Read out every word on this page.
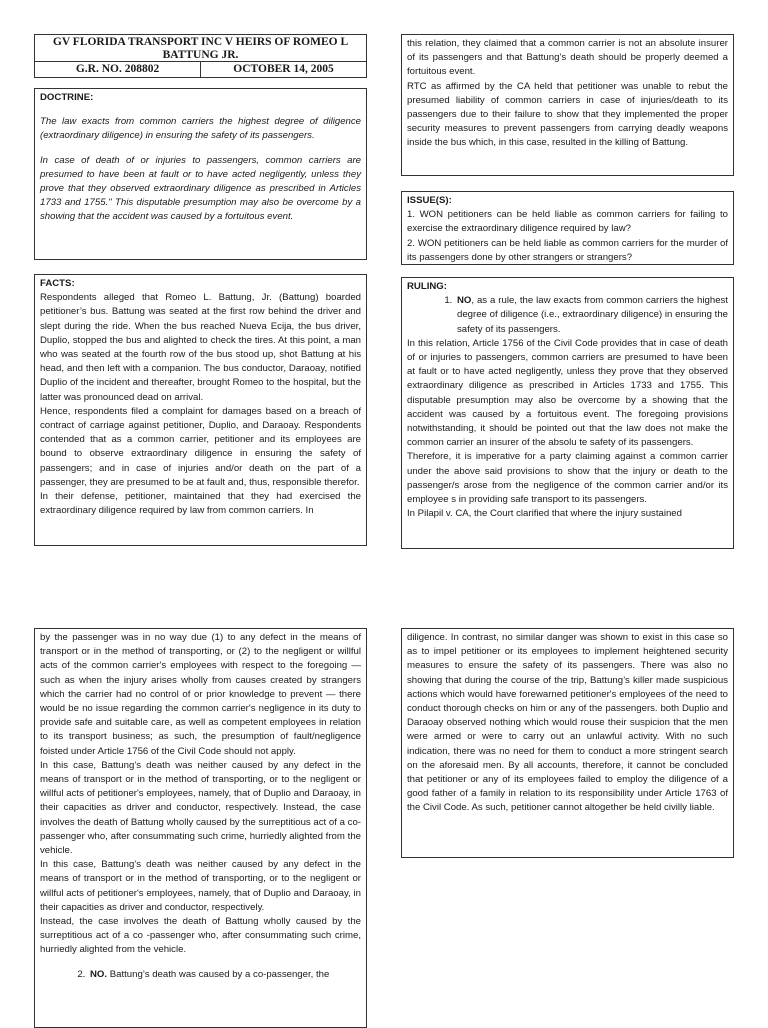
GV FLORIDA TRANSPORT INC V HEIRS OF ROMEO L BATTUNG JR.
G.R. NO. 208802	OCTOBER 14, 2005

DOCTRINE:

The law exacts from common carriers the highest degree of diligence (extraordinary diligence) in ensuring the safety of its passengers.

In case of death of or injuries to passengers, common carriers are presumed to have been at fault or to have acted negligently, unless they prove that they observed extraordinary diligence as prescribed in Articles 1733 and 1755." This disputable presumption may also be overcome by a showing that the accident was caused by a fortuitous event.

FACTS:

Respondents alleged that Romeo L. Battung, Jr. (Battung) boarded petitioner’s bus. Battung was seated at the first row behind the driver and slept during the ride. When the bus reached Nueva Ecija, the bus driver, Duplio, stopped the bus and alighted to check the tires. At this point, a man who was seated at the fourth row of the bus stood up, shot Battung at his head, and then left with a companion. The bus conductor, Daraoay, notified Duplio of the incident and thereafter, brought Romeo to the hospital, but the latter was pronounced dead on arrival.

Hence, respondents filed a complaint for damages based on a breach of contract of carriage against petitioner, Duplio, and Daraoay. Respondents contended that as a common carrier, petitioner and its employees are bound to observe extraordinary diligence in ensuring the safety of passengers; and in case of injuries and/or death on the part of a passenger, they are presumed to be at fault and, thus, responsible therefor.

In their defense, petitioner, maintained that they had exercised the extraordinary diligence required by law from common carriers. In

this relation, they claimed that a common carrier is not an absolute insurer of its passengers and that Battung’s death should be properly deemed a fortuitous event.

RTC as affirmed by the CA held that petitioner was unable to rebut the presumed liability of common carriers in case of injuries/death to its passengers due to their failure to show that they implemented the proper security measures to prevent passengers from carrying deadly weapons inside the bus which, in this case, resulted in the killing of Battung.

ISSUE(S):

1. WON petitioners can be held liable as common carriers for failing to exercise the extraordinary diligence required by law?

2. WON petitioners can be held liable as common carriers for the murder of its passengers done by other strangers or strangers?

RULING:

1. NO, as a rule, the law exacts from common carriers the highest degree of diligence (i.e., extraordinary diligence) in ensuring the safety of its passengers.

In this relation, Article 1756 of the Civil Code provides that in case of death of or injuries to passengers, common carriers are presumed to have been at fault or to have acted negligently, unless they prove that they observed extraordinary diligence as prescribed in Articles 1733 and 1755. This disputable presumption may also be overcome by a showing that the accident was caused by a fortuitous event. The foregoing provisions notwithstanding, it should be pointed out that the law does not make the common carrier an insurer of the absolu te safety of its passengers.

Therefore, it is imperative for a party claiming against a common carrier under the above said provisions to show that the injury or death to the passenger/s arose from the negligence of the common carrier and/or its employee s in providing safe transport to its passengers.

In Pilapil v. CA, the Court clarified that where the injury sustained

by the passenger was in no way due (1) to any defect in the means of transport or in the method of transporting, or (2) to the negligent or willful acts of the common carrier's employees with respect to the foregoing — such as when the injury arises wholly from causes created by strangers which the carrier had no control of or prior knowledge to prevent — there would be no issue regarding the common carrier's negligence in its duty to provide safe and suitable care, as well as competent employees in relation to its transport business; as such, the presumption of fault/negligence foisted under Article 1756 of the Civil Code should not apply.

In this case, Battung’s death was neither caused by any defect in the means of transport or in the method of transporting, or to the negligent or willful acts of petitioner's employees, namely, that of Duplio and Daraoay, in their capacities as driver and conductor, respectively. Instead, the case involves the death of Battung wholly caused by the surreptitious act of a co-passenger who, after consummating such crime, hurriedly alighted from the vehicle.

In this case, Battung’s death was neither caused by any defect in the means of transport or in the method of transporting, or to the negligent or willful acts of petitioner's employees, namely, that of Duplio and Daraoay, in their capacities as driver and conductor, respectively.

Instead, the case involves the death of Battung wholly caused by the surreptitious act of a co -passenger who, after consummating such crime, hurriedly alighted from the vehicle.

2. NO. Battung’s death was caused by a co-passenger, the

diligence. In contrast, no similar danger was shown to exist in this case so as to impel petitioner or its employees to implement heightened security measures to ensure the safety of its passengers. There was also no showing that during the course of the trip, Battung’s killer made suspicious actions which would have forewarned petitioner's employees of the need to conduct thorough checks on him or any of the passengers. both Duplio and Daraoay observed nothing which would rouse their suspicion that the men were armed or were to carry out an unlawful activity. With no such indication, there was no need for them to conduct a more stringent search on the aforesaid men. By all accounts, therefore, it cannot be concluded that petitioner or any of its employees failed to employ the diligence of a good father of a family in relation to its responsibility under Article 1763 of the Civil Code. As such, petitioner cannot altogether be held civilly liable.
